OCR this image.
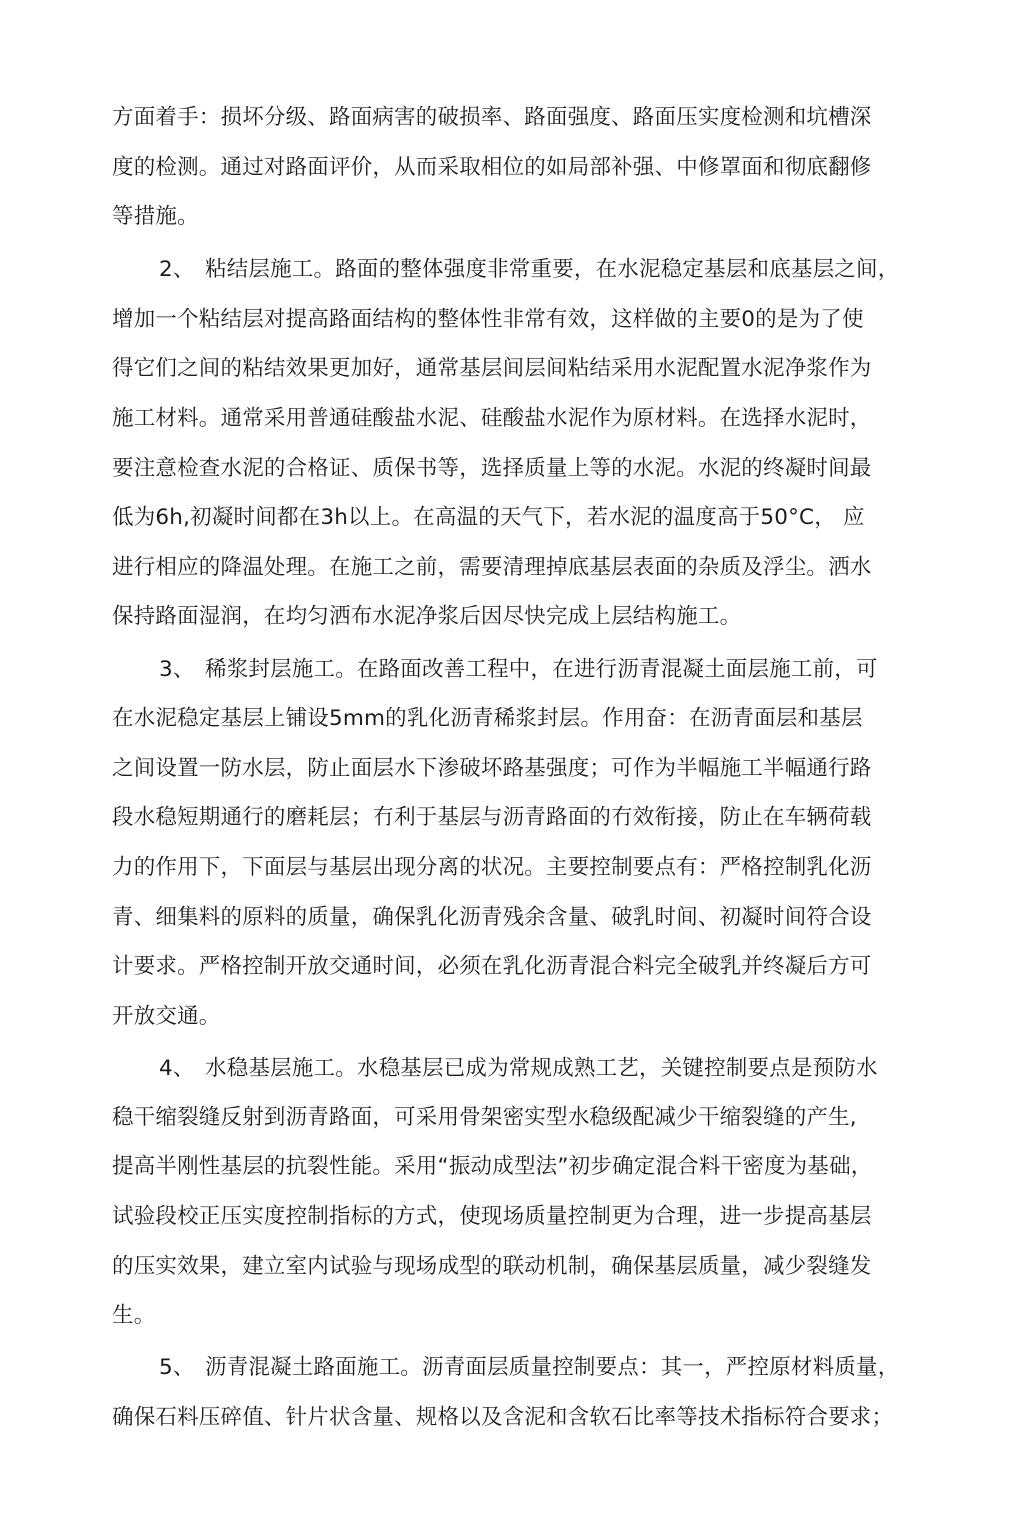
方面着手：损坏分级、路面病害的破损率、路面强度、路面压实度检测和坑槽深
度的检测。通过对路面评价，从而采取相位的如局部补强、中修罩面和彻底翻修
等措施。
2、 粘结层施工。路面的整体强度非常重要，在水泥稳定基层和底基层之间，
增加一个粘结层对提高路面结构的整体性非常有效，这样做的主要0的是为了使
得它们之间的粘结效果更加好，通常基层间层间粘结采用水泥配置水泥净浆作为
施工材料。通常采用普通硅酸盐水泥、硅酸盐水泥作为原材料。在选择水泥时，
要注意检查水泥的合格证、质保书等，选择质量上等的水泥。水泥的终凝时间最
低为6h,初凝时间都在3h以上。在高温的天气下，若水泥的温度高于50°C， 应
进行相应的降温处理。在施工之前，需要清理掉底基层表面的杂质及浮尘。洒水
保持路面湿润，在均匀洒布水泥净浆后因尽快完成上层结构施工。
3、 稀浆封层施工。在路面改善工程中，在进行沥青混凝土面层施工前，可
在水泥稳定基层上铺设5mm的乳化沥青稀浆封层。作用奋：在沥青面层和基层
之间设置一防水层，防止面层水下渗破坏路基强度；可作为半幅施工半幅通行路
段水稳短期通行的磨耗层；冇利于基层与沥青路面的冇效衔接，防止在车辆荷载
力的作用下，下面层与基层出现分离的状况。主要控制要点有：严格控制乳化沥
青、细集料的原料的质量，确保乳化沥青残余含量、破乳时间、初凝时间符合设
计要求。严格控制开放交通时间，必须在乳化沥青混合料完全破乳并终凝后方可
开放交通。
4、 水稳基层施工。水稳基层已成为常规成熟工艺，关键控制要点是预防水
稳干缩裂缝反射到沥青路面，可采用骨架密实型水稳级配减少干缩裂缝的产生,
提高半刚性基层的抗裂性能。采用“振动成型法”初步确定混合料干密度为基础，
试验段校正压实度控制指标的方式，使现场质量控制更为合理，进一步提高基层
的压实效果，建立室内试验与现场成型的联动机制，确保基层质量，减少裂缝发
生。
5、 沥青混凝土路面施工。沥青面层质量控制要点：其一，严控原材料质量，
确保石料压碎值、针片状含量、规格以及含泥和含软石比率等技术指标符合要求；
